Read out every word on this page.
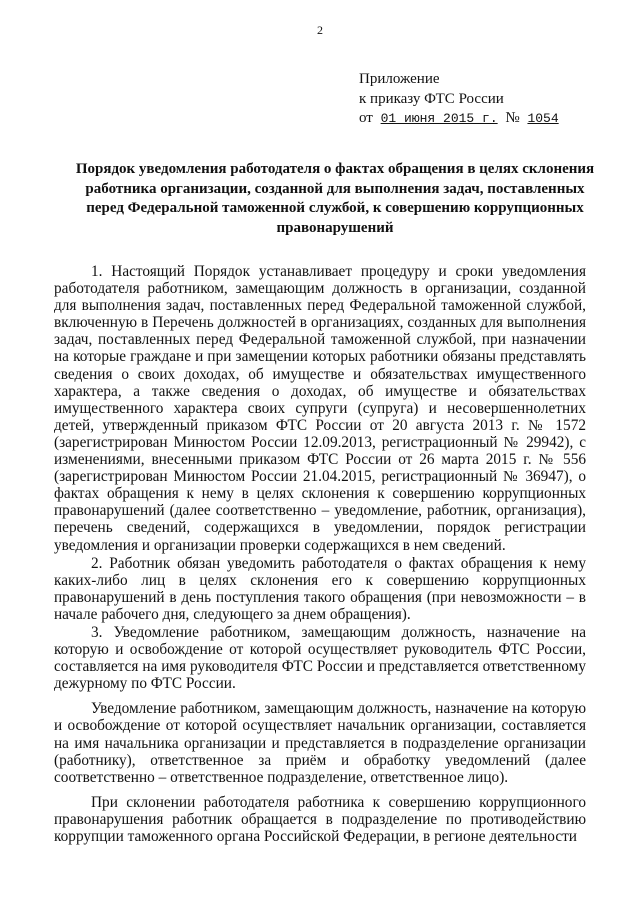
2
Приложение
к приказу ФТС России
от 01 июня 2015 г. № 1054
Порядок уведомления работодателя о фактах обращения в целях склонения работника организации, созданной для выполнения задач, поставленных перед Федеральной таможенной службой, к совершению коррупционных правонарушений

1. Настоящий Порядок устанавливает процедуру и сроки уведомления работодателя работником, замещающим должность в организации, созданной для выполнения задач, поставленных перед Федеральной таможенной службой, включенную в Перечень должностей в организациях, созданных для выполнения задач, поставленных перед Федеральной таможенной службой, при назначении на которые граждане и при замещении которых работники обязаны представлять сведения о своих доходах, об имуществе и обязательствах имущественного характера, а также сведения о доходах, об имуществе и обязательствах имущественного характера своих супруги (супруга) и несовершеннолетних детей, утвержденный приказом ФТС России от 20 августа 2013 г. № 1572 (зарегистрирован Минюстом России 12.09.2013, регистрационный № 29942), с изменениями, внесенными приказом ФТС России от 26 марта 2015 г. № 556 (зарегистрирован Минюстом России 21.04.2015, регистрационный № 36947), о фактах обращения к нему в целях склонения к совершению коррупционных правонарушений (далее соответственно – уведомление, работник, организация), перечень сведений, содержащихся в уведомлении, порядок регистрации уведомления и организации проверки содержащихся в нем сведений.

2. Работник обязан уведомить работодателя о фактах обращения к нему каких-либо лиц в целях склонения его к совершению коррупционных правонарушений в день поступления такого обращения (при невозможности – в начале рабочего дня, следующего за днем обращения).

3. Уведомление работником, замещающим должность, назначение на которую и освобождение от которой осуществляет руководитель ФТС России, составляется на имя руководителя ФТС России и представляется ответственному дежурному по ФТС России.

Уведомление работником, замещающим должность, назначение на которую и освобождение от которой осуществляет начальник организации, составляется на имя начальника организации и представляется в подразделение организации (работнику), ответственное за приём и обработку уведомлений (далее соответственно – ответственное подразделение, ответственное лицо).

При склонении работодателя работника к совершению коррупционного правонарушения работник обращается в подразделение по противодействию коррупции таможенного органа Российской Федерации, в регионе деятельности
